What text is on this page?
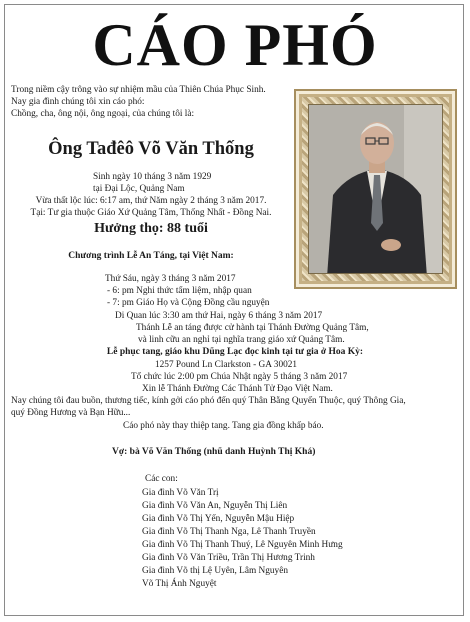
CÁO PHÓ
Trong niềm cậy trông vào sự nhiệm mầu của Thiên Chúa Phục Sinh.
Nay gia đình chúng tôi xin cáo phó:
Chồng, cha, ông nội, ông ngoại, của chúng tôi là:
Ông Tađêô Võ Văn Thống
Sinh ngày 10 tháng 3 năm 1929
tại Đại Lộc, Quảng Nam
Vừa thất lộc lúc: 6:17 am, thứ Năm ngày 2 tháng 3 năm 2017.
Tại: Tư gia thuộc Giáo Xứ Quảng Tâm, Thống Nhất - Đồng Nai.
Hưởng thọ: 88 tuổi
Chương trình Lễ An Táng, tại Việt Nam:
Thứ Sáu, ngày 3 tháng 3 năm 2017
- 6: pm Nghi thức tẩm liệm, nhập quan
- 7: pm Giáo Họ và Cộng Đồng cầu nguyện
Di Quan lúc 3:30 am thứ Hai, ngày 6 tháng 3 năm 2017
Thánh Lễ an táng được cử hành tại Thánh Đường Quảng Tâm,
và linh cữu an nghỉ tại nghĩa trang giáo xứ Quảng Tâm.
Lễ phục tang, giáo khu Dũng Lạc đọc kinh tại tư gia ở Hoa Kỳ:
1257 Pound Ln Clarkston - GA 30021
Tổ chức lúc 2:00 pm Chúa Nhật ngày 5 tháng 3 năm 2017
Xin lễ Thánh Đường Các Thánh Tử Đạo Việt Nam.
Nay chúng tôi đau buồn, thương tiếc, kính gởi cáo phó đến quý Thân Bằng Quyến Thuộc, quý Thông Gia,
quý Đồng Hương và Bạn Hữu...
Cáo phó này thay thiệp tang. Tang gia đồng khấp báo.
Vợ: bà Võ Văn Thống (nhũ danh Huỳnh Thị Khá)
Các con:
Gia đình Võ Văn Trị
Gia đình Võ Văn An, Nguyễn Thị Liên
Gia đình Võ Thị Yến, Nguyễn Mậu Hiệp
Gia đình Võ Thị Thanh Nga, Lê Thanh Truyền
Gia đình Võ Thị Thanh Thuý, Lê Nguyên Minh Hưng
Gia đình Võ Văn Triều, Trần Thị Hương Trinh
Gia đình Võ thị Lệ Uyên, Lâm Nguyên
Võ Thị Ánh Nguyệt
